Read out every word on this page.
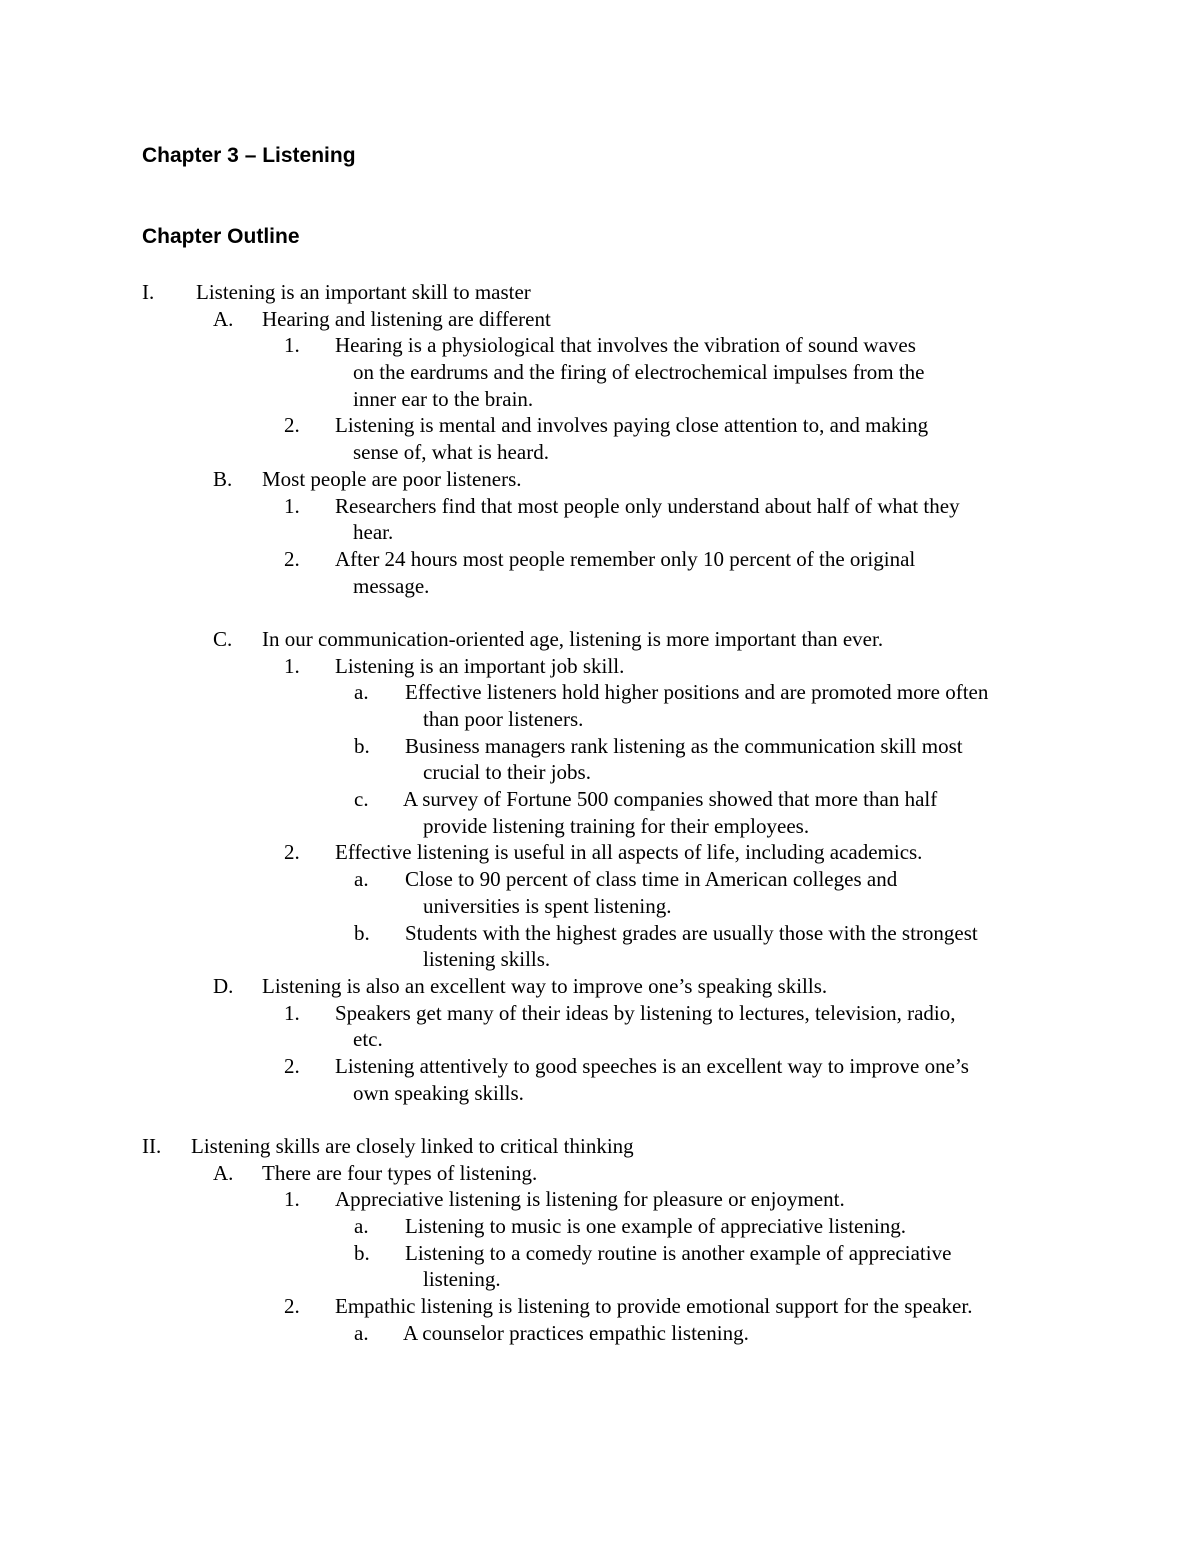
Chapter 3 – Listening
Chapter Outline
I. Listening is an important skill to master
A. Hearing and listening are different
1. Hearing is a physiological that involves the vibration of sound waves
on the eardrums and the firing of electrochemical impulses from the
inner ear to the brain.
2. Listening is mental and involves paying close attention to, and making
sense of, what is heard.
B. Most people are poor listeners.
1. Researchers find that most people only understand about half of what they
hear.
2. After 24 hours most people remember only 10 percent of the original
message.
C. In our communication-oriented age, listening is more important than ever.
1. Listening is an important job skill.
a. Effective listeners hold higher positions and are promoted more often
than poor listeners.
b. Business managers rank listening as the communication skill most
crucial to their jobs.
c. A survey of Fortune 500 companies showed that more than half
provide listening training for their employees.
2. Effective listening is useful in all aspects of life, including academics.
a. Close to 90 percent of class time in American colleges and
universities is spent listening.
b. Students with the highest grades are usually those with the strongest
listening skills.
D. Listening is also an excellent way to improve one’s speaking skills.
1. Speakers get many of their ideas by listening to lectures, television, radio,
etc.
2. Listening attentively to good speeches is an excellent way to improve one’s
own speaking skills.
II. Listening skills are closely linked to critical thinking
A. There are four types of listening.
1. Appreciative listening is listening for pleasure or enjoyment.
a. Listening to music is one example of appreciative listening.
b. Listening to a comedy routine is another example of appreciative
listening.
2. Empathic listening is listening to provide emotional support for the speaker.
a. A counselor practices empathic listening.
